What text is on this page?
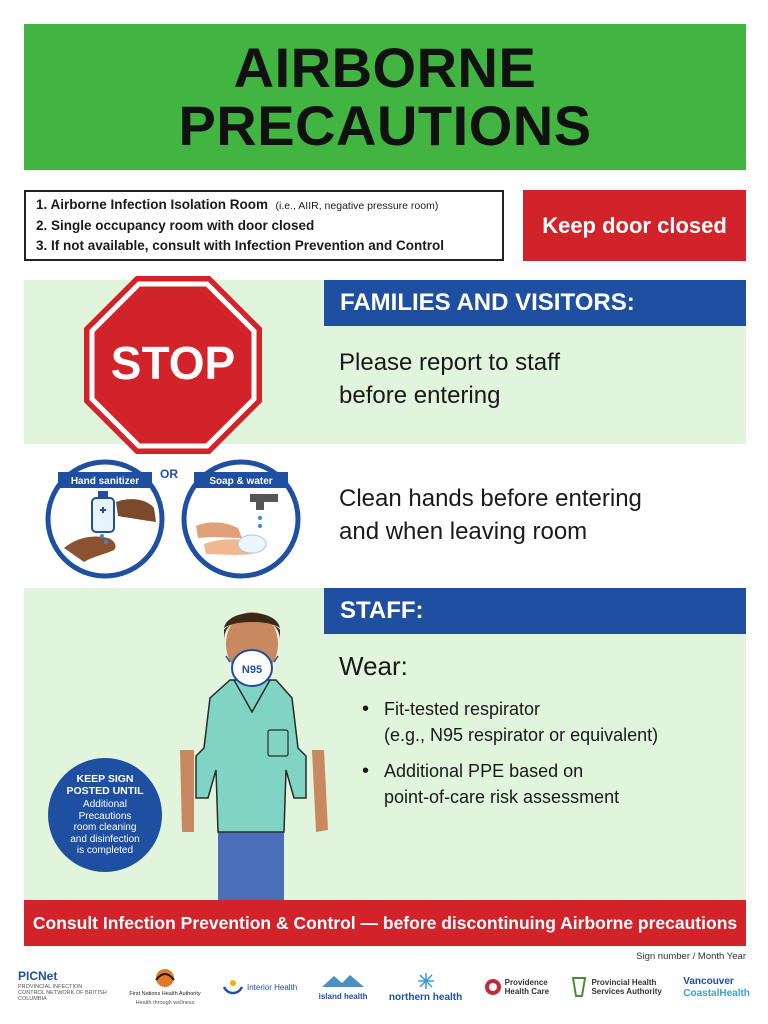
AIRBORNE
PRECAUTIONS
1. Airborne Infection Isolation Room (i.e., AIIR, negative pressure room)
2. Single occupancy room with door closed
3. If not available, consult with Infection Prevention and Control
Keep door closed
STOP
FAMILIES AND VISITORS:
Please report to staff
before entering
Hand sanitizer
OR
Soap & water
Clean hands before entering
and when leaving room
STAFF:
N95	Wear:
• Fit-tested respirator
(e.g., N95 respirator or equivalent)
• Additional PPE based on
point-of-care risk assessment
KEEP SIGN
POSTED UNTIL
Additional
Precautions
room cleaning
and disinfection
is completed
Consult Infection Prevention & Control — before discontinuing Airborne precautions
Sign number / Month Year
PICNet
PROVINCIAL INFECTION CONTROL NETWORK OF BRITISH COLUMBIA
First Nations Health Authority
Health through wellness
Interior Health
island health northern health
Providence
Health Care
Provincial Health
Services Authority
Vancouver
CoastalHealth
